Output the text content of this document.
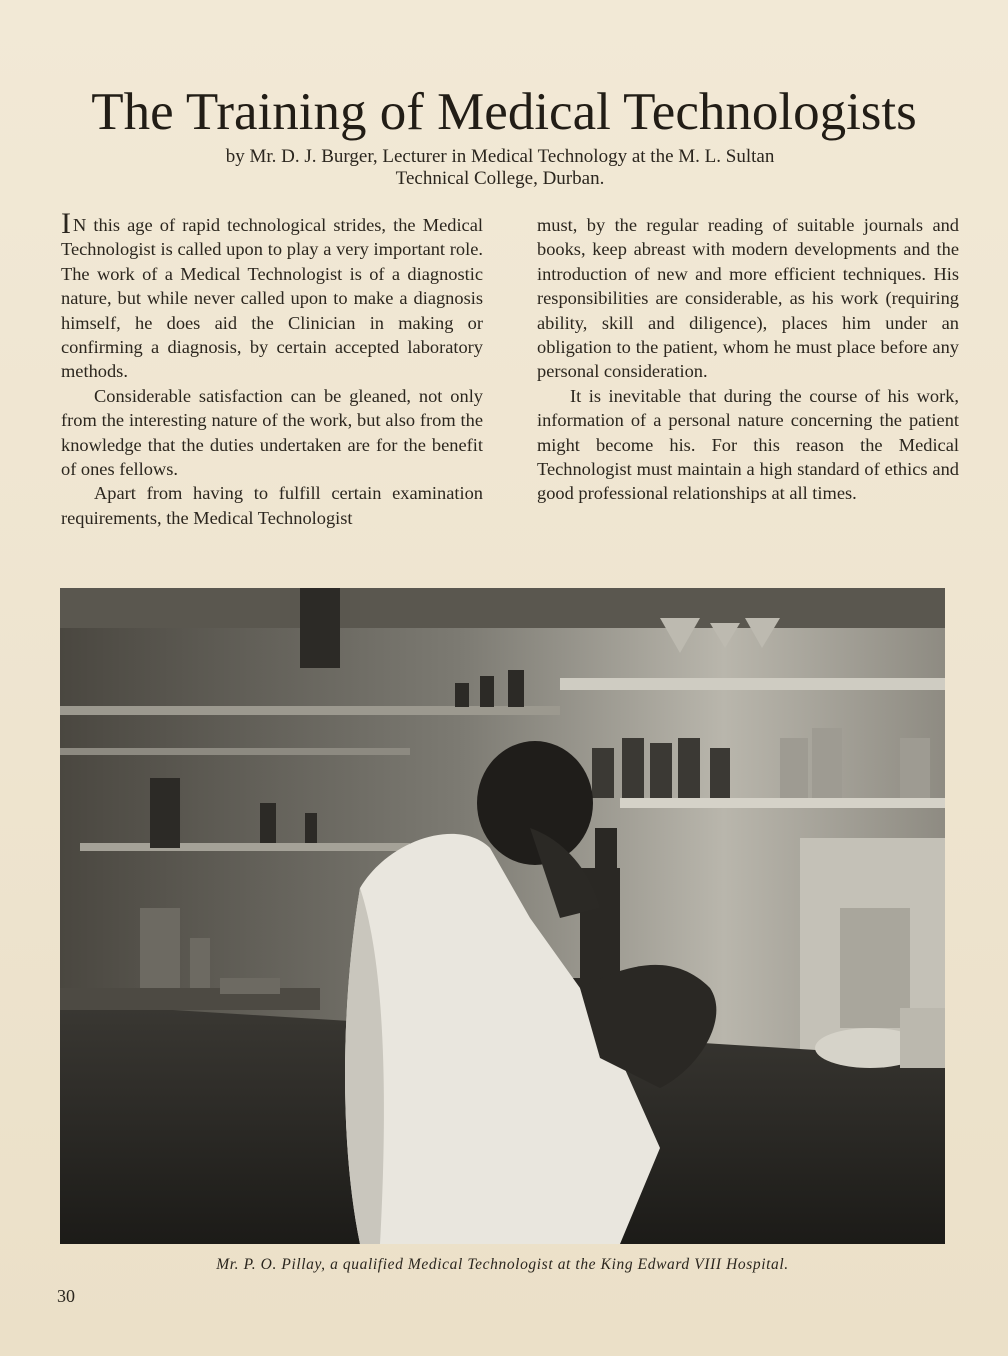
The Training of Medical Technologists
by Mr. D. J. Burger, Lecturer in Medical Technology at the M. L. Sultan
Technical College, Durban.

I N this age of rapid technological strides, the Medical Technologist is called upon to play a very important role. The work of a Medical Technologist is of a diagnostic nature, but while never called upon to make a diagnosis himself, he does aid the Clinician in making or confirming a diagnosis, by certain accepted laboratory methods.

Considerable satisfaction can be gleaned, not only from the interesting nature of the work, but also from the knowledge that the duties undertaken are for the benefit of ones fellows.

Apart from having to fulfill certain examination requirements, the Medical Technologist

must, by the regular reading of suitable journals and books, keep abreast with modern developments and the introduction of new and more efficient techniques. His responsibilities are considerable, as his work (requiring ability, skill and diligence), places him under an obligation to the patient, whom he must place before any personal consideration.

It is inevitable that during the course of his work, information of a personal nature concerning the patient might become his. For this reason the Medical Technologist must maintain a high standard of ethics and good professional relationships at all times.

Mr. P. O. Pillay, a qualified Medical Technologist at the King Edward VIII Hospital.
30
